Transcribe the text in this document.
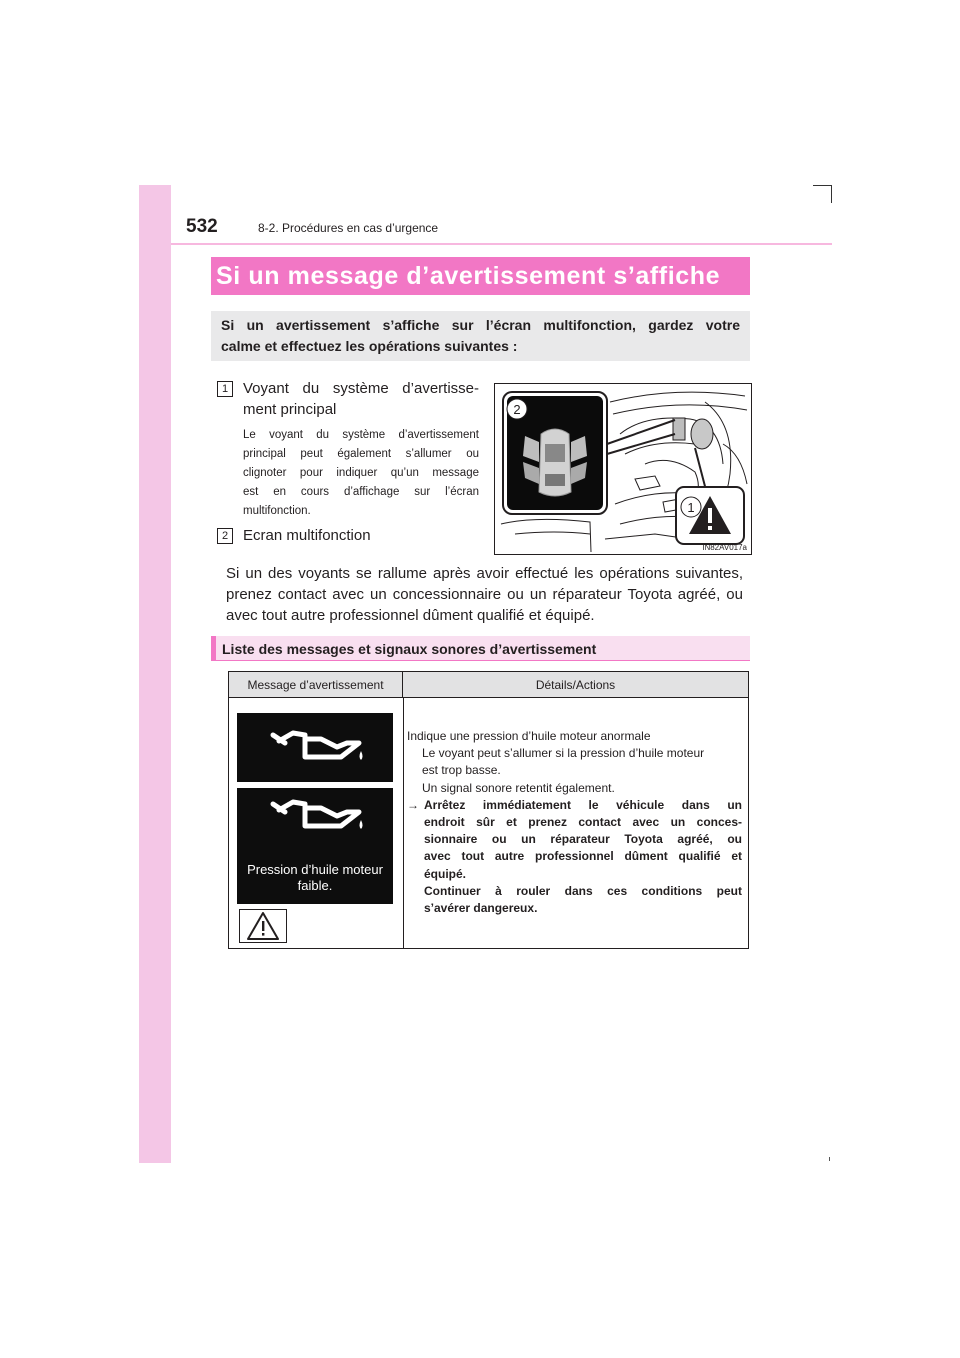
532	8-2. Procédures en cas d’urgence
Si un message d’avertissement s’affiche
Si un avertissement s’affiche sur l’écran multifonction, gardez votre
calme et effectuez les opérations suivantes :
1 Voyant du système d’avertisse-
ment principal
Le voyant du système d’avertissement
principal peut également s’allumer ou
clignoter pour indiquer qu’un message
est en cours d’affichage sur l’écran
multifonction.
2 Ecran multifonction
Si un des voyants se rallume après avoir effectué les opérations suivantes,
prenez contact avec un concessionnaire ou un réparateur Toyota agréé, ou
avec tout autre professionnel dûment qualifié et équipé.
2
1
IN82AV017a
Liste des messages et signaux sonores d’avertissement
Message d’avertissement	Détails/Actions
Pression d’huile moteur
faible.
Indique une pression d’huile moteur anormale
Le voyant peut s’allumer si la pression d’huile moteur
est trop basse.
Un signal sonore retentit également.
→ Arrêtez immédiatement le véhicule dans un
endroit sûr et prenez contact avec un conces-
sionnaire ou un réparateur Toyota agréé, ou
avec tout autre professionnel dûment qualifié et
équipé.
Continuer à rouler dans ces conditions peut
s’avérer dangereux.
